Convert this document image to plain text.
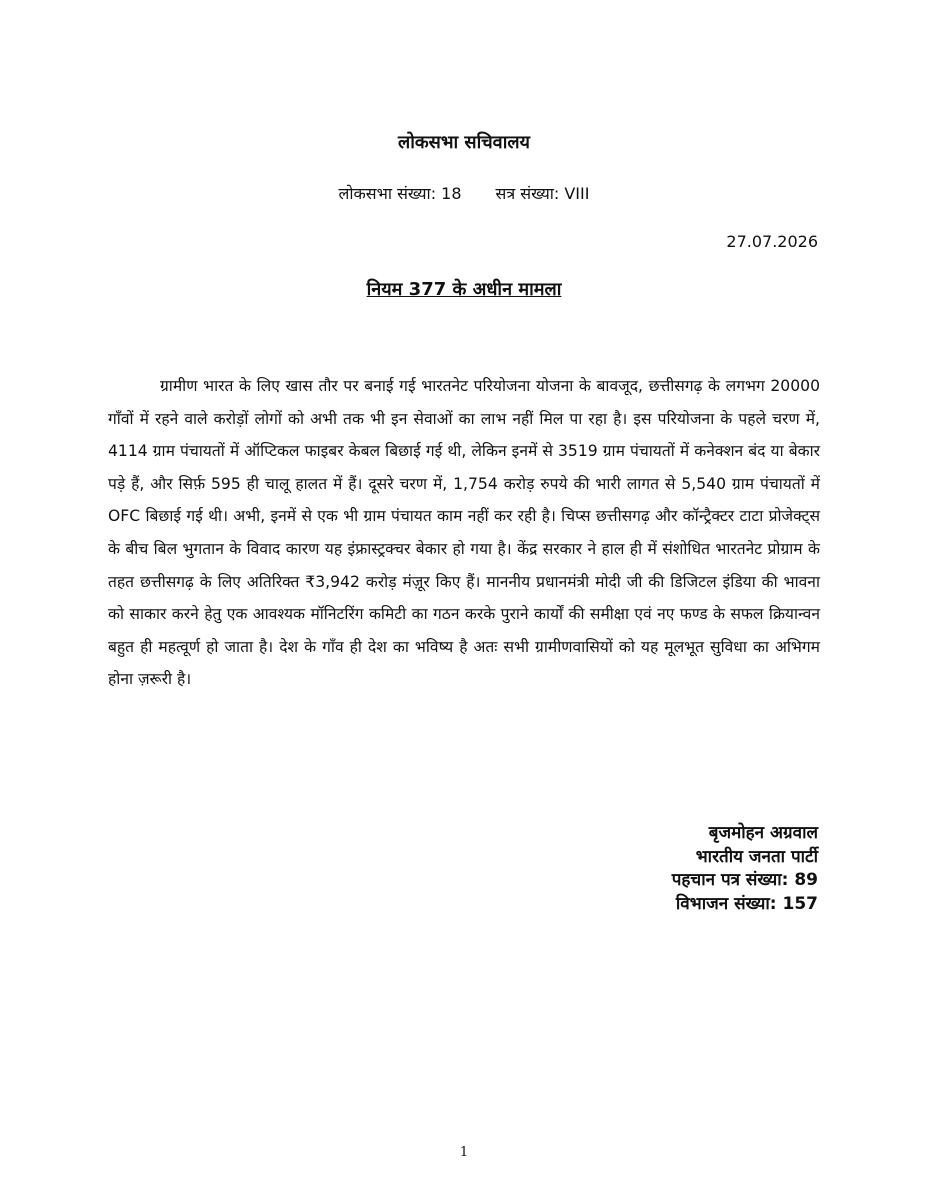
लोकसभा सचिवालय
लोकसभा संख्या: 18 सत्र संख्या: VIII
27.07.2026
नियम 377 के अधीन मामला

ग्रामीण भारत के लिए खास तौर पर बनाई गई भारतनेट परियोजना योजना के बावजूद, छत्तीसगढ़ के लगभग 20000 गाँवों में रहने वाले करोड़ों लोगों को अभी तक भी इन सेवाओं का लाभ नहीं मिल पा रहा है। इस परियोजना के पहले चरण में, 4114 ग्राम पंचायतों में ऑप्टिकल फाइबर केबल बिछाई गई थी, लेकिन इनमें से 3519 ग्राम पंचायतों में कनेक्शन बंद या बेकार पड़े हैं, और सिर्फ़ 595 ही चालू हालत में हैं। दूसरे चरण में, 1,754 करोड़ रुपये की भारी लागत से 5,540 ग्राम पंचायतों में OFC बिछाई गई थी। अभी, इनमें से एक भी ग्राम पंचायत काम नहीं कर रही है। चिप्स छत्तीसगढ़ और कॉन्ट्रैक्टर टाटा प्रोजेक्ट्स के बीच बिल भुगतान के विवाद कारण यह इंफ्रास्ट्रक्चर बेकार हो गया है। केंद्र सरकार ने हाल ही में संशोधित भारतनेट प्रोग्राम के तहत छत्तीसगढ़ के लिए अतिरिक्त ₹3,942 करोड़ मंज़ूर किए हैं। माननीय प्रधानमंत्री मोदी जी की डिजिटल इंडिया की भावना को साकार करने हेतु एक आवश्यक मॉनिटरिंग कमिटी का गठन करके पुराने कार्यों की समीक्षा एवं नए फण्ड के सफल क्रियान्वन बहुत ही महत्वूर्ण हो जाता है। देश के गाँव ही देश का भविष्य है अतः सभी ग्रामीणवासियों को यह मूलभूत सुविधा का अभिगम होना ज़रूरी है।

बृजमोहन अग्रवाल
भारतीय जनता पार्टी
पहचान पत्र संख्या: 89
विभाजन संख्या: 157
1
